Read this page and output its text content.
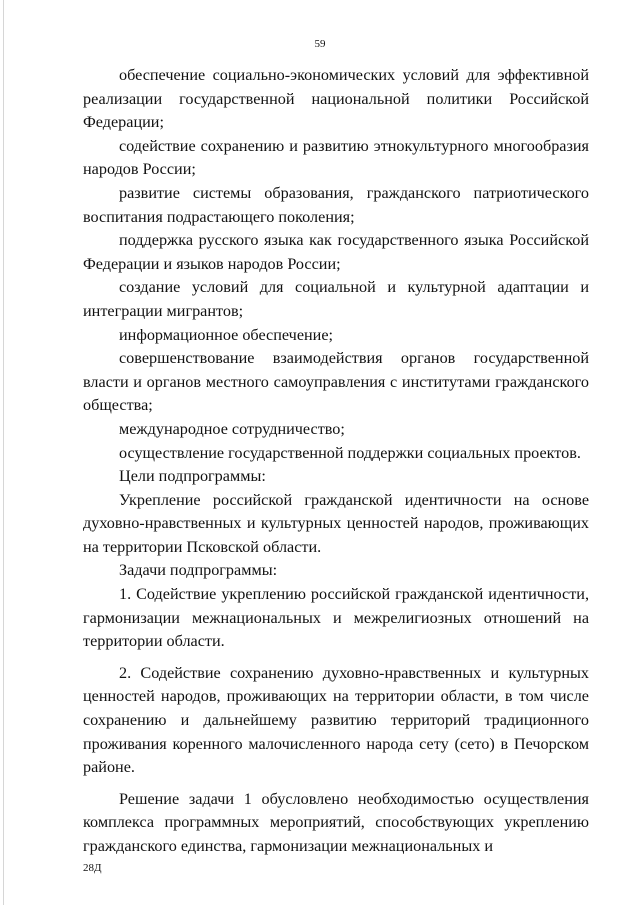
59

обеспечение социально-экономических условий для эффективной реализации государственной национальной политики Российской Федерации;

содействие сохранению и развитию этнокультурного многообразия народов России;

развитие системы образования, гражданского патриотического воспитания подрастающего поколения;

поддержка русского языка как государственного языка Российской Федерации и языков народов России;

создание условий для социальной и культурной адаптации и интеграции мигрантов;

информационное обеспечение;

совершенствование взаимодействия органов государственной власти и органов местного самоуправления с институтами гражданского общества;

международное сотрудничество;

осуществление государственной поддержки социальных проектов.

Цели подпрограммы:

Укрепление российской гражданской идентичности на основе духовно-нравственных и культурных ценностей народов, проживающих на территории Псковской области.

Задачи подпрограммы:

1. Содействие укреплению российской гражданской идентичности, гармонизации межнациональных и межрелигиозных отношений на территории области.

2. Содействие сохранению духовно-нравственных и культурных ценностей народов, проживающих на территории области, в том числе сохранению и дальнейшему развитию территорий традиционного проживания коренного малочисленного народа сету (сето) в Печорском районе.

Решение задачи 1 обусловлено необходимостью осуществления комплекса программных мероприятий, способствующих укреплению гражданского единства, гармонизации межнациональных и

28Д
